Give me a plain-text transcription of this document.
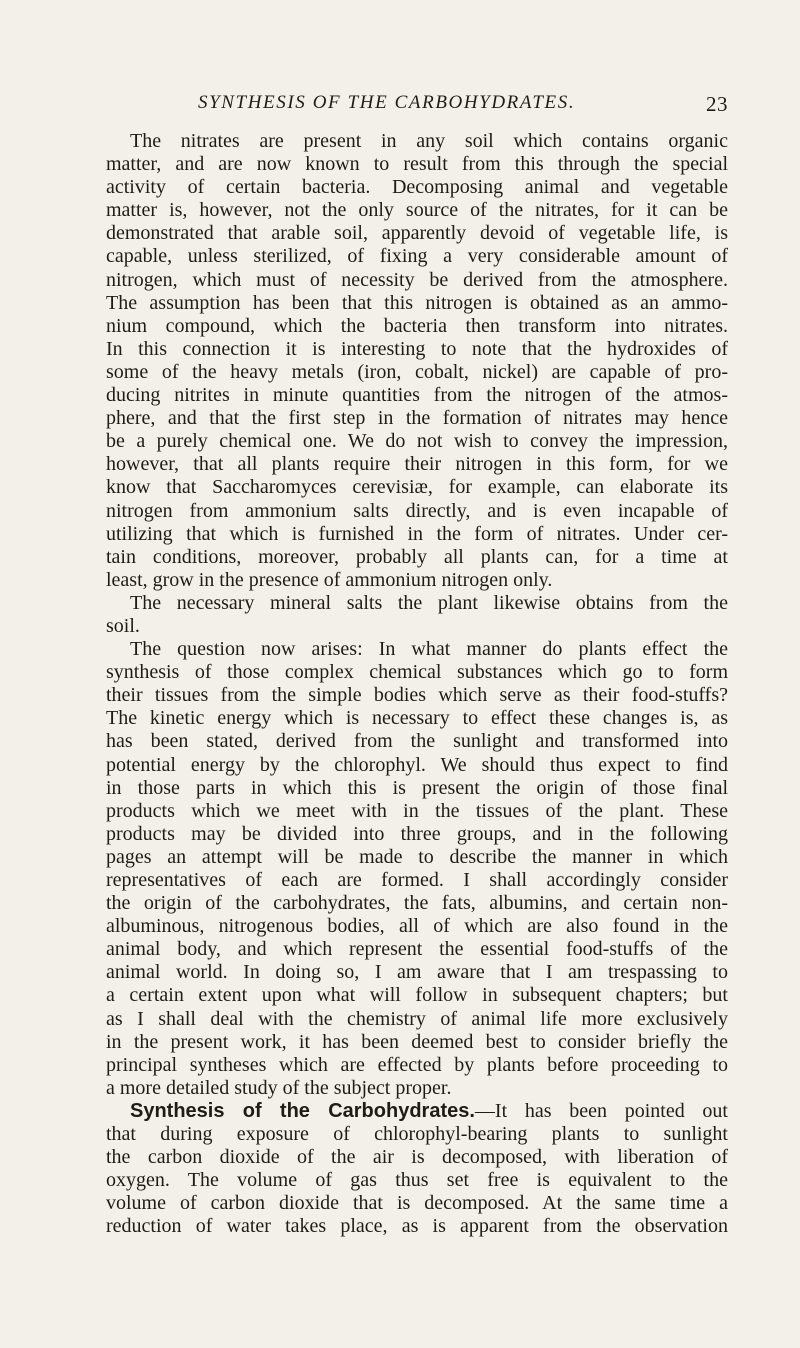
SYNTHESIS OF THE CARBOHYDRATES.	23
The nitrates are present in any soil which contains organic
matter, and are now known to result from this through the special
activity of certain bacteria. Decomposing animal and vegetable
matter is, however, not the only source of the nitrates, for it can be
demonstrated that arable soil, apparently devoid of vegetable life, is
capable, unless sterilized, of fixing a very considerable amount of
nitrogen, which must of necessity be derived from the atmosphere.
The assumption has been that this nitrogen is obtained as an ammo-
nium compound, which the bacteria then transform into nitrates.
In this connection it is interesting to note that the hydroxides of
some of the heavy metals (iron, cobalt, nickel) are capable of pro-
ducing nitrites in minute quantities from the nitrogen of the atmos-
phere, and that the first step in the formation of nitrates may hence
be a purely chemical one. We do not wish to convey the impression,
however, that all plants require their nitrogen in this form, for we
know that Saccharomyces cerevisiæ, for example, can elaborate its
nitrogen from ammonium salts directly, and is even incapable of
utilizing that which is furnished in the form of nitrates. Under cer-
tain conditions, moreover, probably all plants can, for a time at
least, grow in the presence of ammonium nitrogen only.
The necessary mineral salts the plant likewise obtains from the
soil.
The question now arises: In what manner do plants effect the
synthesis of those complex chemical substances which go to form
their tissues from the simple bodies which serve as their food-stuffs?
The kinetic energy which is necessary to effect these changes is, as
has been stated, derived from the sunlight and transformed into
potential energy by the chlorophyl. We should thus expect to find
in those parts in which this is present the origin of those final
products which we meet with in the tissues of the plant. These
products may be divided into three groups, and in the following
pages an attempt will be made to describe the manner in which
representatives of each are formed. I shall accordingly consider
the origin of the carbohydrates, the fats, albumins, and certain non-
albuminous, nitrogenous bodies, all of which are also found in the
animal body, and which represent the essential food-stuffs of the
animal world. In doing so, I am aware that I am trespassing to
a certain extent upon what will follow in subsequent chapters; but
as I shall deal with the chemistry of animal life more exclusively
in the present work, it has been deemed best to consider briefly the
principal syntheses which are effected by plants before proceeding to
a more detailed study of the subject proper.
Synthesis of the Carbohydrates.—It has been pointed out
that during exposure of chlorophyl-bearing plants to sunlight
the carbon dioxide of the air is decomposed, with liberation of
oxygen. The volume of gas thus set free is equivalent to the
volume of carbon dioxide that is decomposed. At the same time a
reduction of water takes place, as is apparent from the observation
